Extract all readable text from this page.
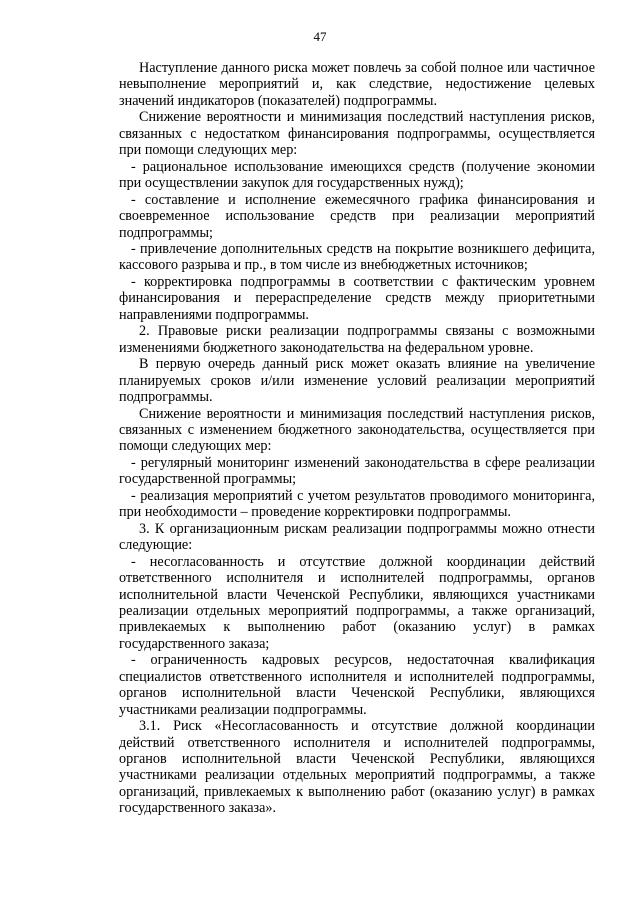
47

Наступление данного риска может повлечь за собой полное или частичное невыполнение мероприятий и, как следствие, недостижение целевых значений индикаторов (показателей) подпрограммы.

Снижение вероятности и минимизация последствий наступления рисков, связанных с недостатком финансирования подпрограммы, осуществляется при помощи следующих мер:

- рациональное использование имеющихся средств (получение экономии при осуществлении закупок для государственных нужд);

- составление и исполнение ежемесячного графика финансирования и своевременное использование средств при реализации мероприятий подпрограммы;

- привлечение дополнительных средств на покрытие возникшего дефицита, кассового разрыва и пр., в том числе из внебюджетных источников;

- корректировка подпрограммы в соответствии с фактическим уровнем финансирования и перераспределение средств между приоритетными направлениями подпрограммы.

2. Правовые риски реализации подпрограммы связаны с возможными изменениями бюджетного законодательства на федеральном уровне.

В первую очередь данный риск может оказать влияние на увеличение планируемых сроков и/или изменение условий реализации мероприятий подпрограммы.

Снижение вероятности и минимизация последствий наступления рисков, связанных с изменением бюджетного законодательства, осуществляется при помощи следующих мер:

- регулярный мониторинг изменений законодательства в сфере реализации государственной программы;

- реализация мероприятий с учетом результатов проводимого мониторинга, при необходимости – проведение корректировки подпрограммы.

3. К организационным рискам реализации подпрограммы можно отнести следующие:

- несогласованность и отсутствие должной координации действий ответственного исполнителя и исполнителей подпрограммы, органов исполнительной власти Чеченской Республики, являющихся участниками реализации отдельных мероприятий подпрограммы, а также организаций, привлекаемых к выполнению работ (оказанию услуг) в рамках государственного заказа;

- ограниченность кадровых ресурсов, недостаточная квалификация специалистов ответственного исполнителя и исполнителей подпрограммы, органов исполнительной власти Чеченской Республики, являющихся участниками реализации подпрограммы.

3.1. Риск «Несогласованность и отсутствие должной координации действий ответственного исполнителя и исполнителей подпрограммы, органов исполнительной власти Чеченской Республики, являющихся участниками реализации отдельных мероприятий подпрограммы, а также организаций, привлекаемых к выполнению работ (оказанию услуг) в рамках государственного заказа».
